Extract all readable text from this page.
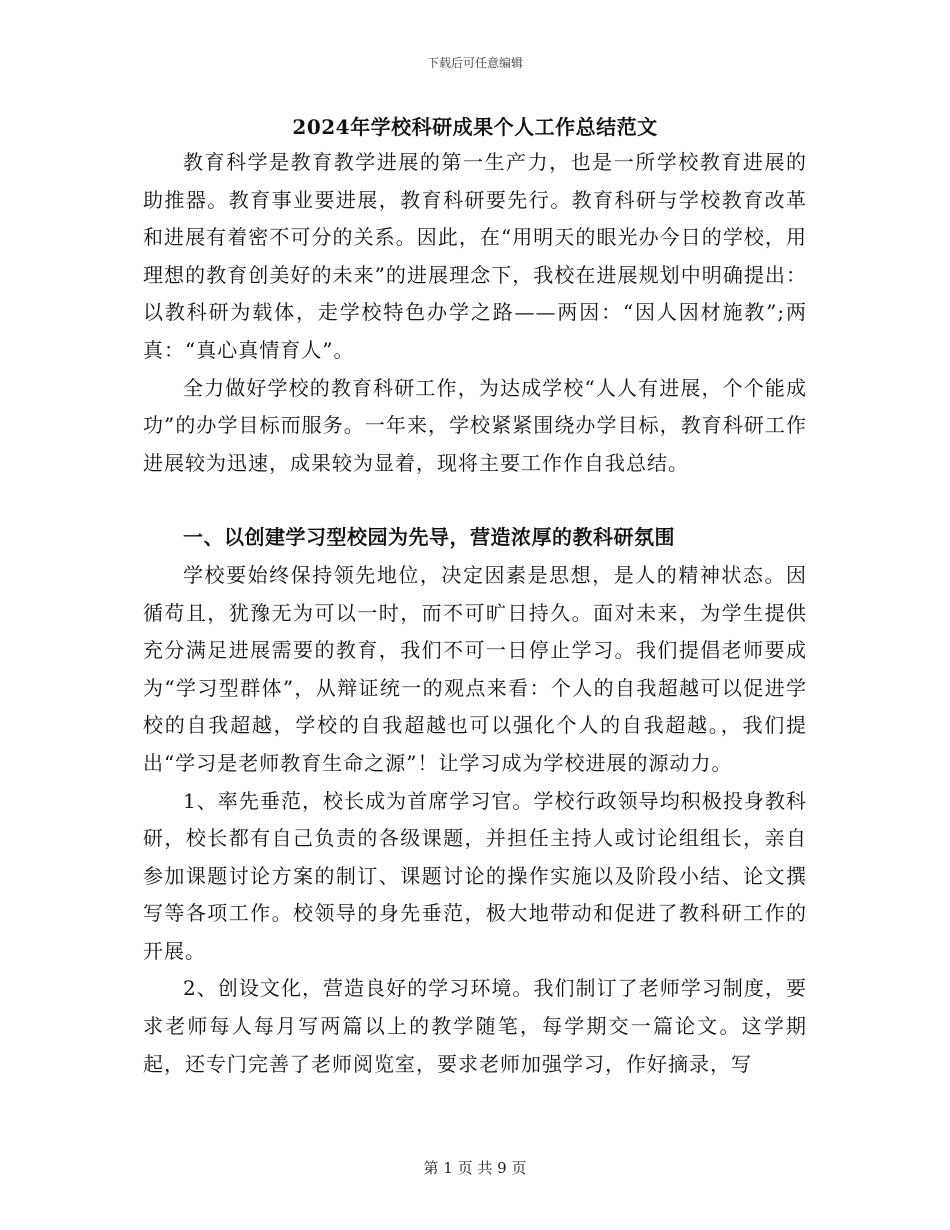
下载后可任意编辑
2024年学校科研成果个人工作总结范文

教育科学是教育教学进展的第一生产力，也是一所学校教育进展的助推器。教育事业要进展，教育科研要先行。教育科研与学校教育改革和进展有着密不可分的关系。因此，在“用明天的眼光办今日的学校，用理想的教育创美好的未来”的进展理念下，我校在进展规划中明确提出：以教科研为载体，走学校特色办学之路——两因：“因人因材施教”;两真：“真心真情育人”。

全力做好学校的教育科研工作，为达成学校“人人有进展，个个能成功”的办学目标而服务。一年来，学校紧紧围绕办学目标，教育科研工作进展较为迅速，成果较为显着，现将主要工作作自我总结。

一、以创建学习型校园为先导，营造浓厚的教科研氛围

学校要始终保持领先地位，决定因素是思想，是人的精神状态。因循苟且，犹豫无为可以一时，而不可旷日持久。面对未来，为学生提供充分满足进展需要的教育，我们不可一日停止学习。我们提倡老师要成为“学习型群体”，从辩证统一的观点来看：个人的自我超越可以促进学校的自我超越，学校的自我超越也可以强化个人的自我超越。，我们提出“学习是老师教育生命之源”！让学习成为学校进展的源动力。

1、率先垂范，校长成为首席学习官。学校行政领导均积极投身教科研，校长都有自己负责的各级课题，并担任主持人或讨论组组长，亲自参加课题讨论方案的制订、课题讨论的操作实施以及阶段小结、论文撰写等各项工作。校领导的身先垂范，极大地带动和促进了教科研工作的开展。

2、创设文化，营造良好的学习环境。我们制订了老师学习制度，要求老师每人每月写两篇以上的教学随笔，每学期交一篇论文。这学期起，还专门完善了老师阅览室，要求老师加强学习，作好摘录，写

第 1 页 共 9 页
